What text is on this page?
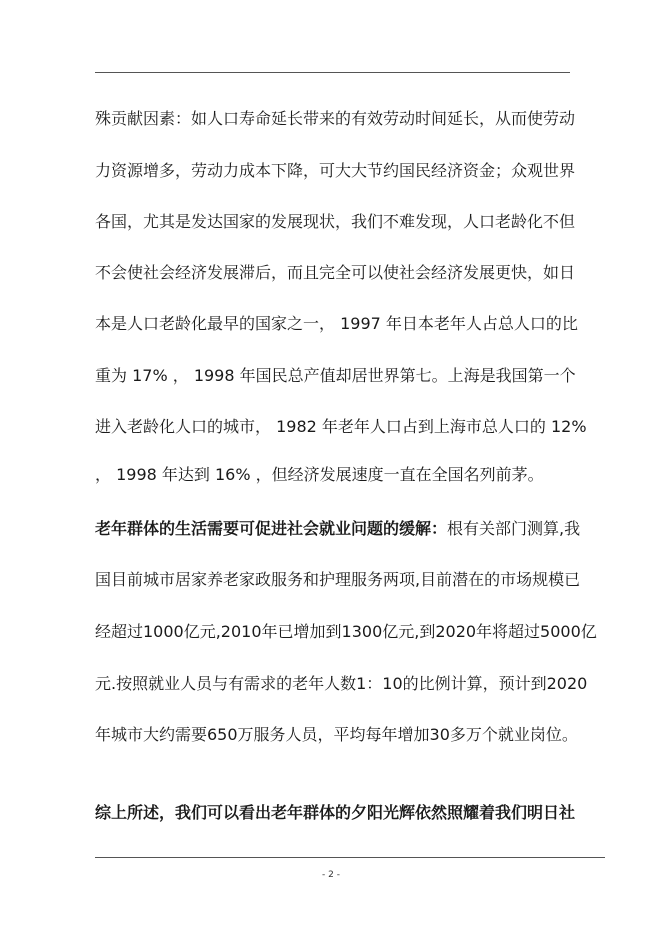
殊贡献因素：如人口寿命延长带来的有效劳动时间延长，从而使劳动
力资源增多，劳动力成本下降，可大大节约国民经济资金；众观世界
各国，尤其是发达国家的发展现状，我们不难发现，人口老龄化不但
不会使社会经济发展滞后，而且完全可以使社会经济发展更快，如日
本是人口老龄化最早的国家之一， 1997 年日本老年人占总人口的比
重为 17% ， 1998 年国民总产值却居世界第七。上海是我国第一个
进入老龄化人口的城市， 1982 年老年人口占到上海市总人口的 12%
， 1998 年达到 16% ，但经济发展速度一直在全国名列前茅。
老年群体的生活需要可促进社会就业问题的缓解：根有关部门测算,我
国目前城市居家养老家政服务和护理服务两项,目前潜在的市场规模已
经超过1000亿元,2010年已增加到1300亿元,到2020年将超过5000亿
元.按照就业人员与有需求的老年人数1：10的比例计算，预计到2020
年城市大约需要650万服务人员，平均每年增加30多万个就业岗位。
综上所述，我们可以看出老年群体的夕阳光辉依然照耀着我们明日社
- 2 -
